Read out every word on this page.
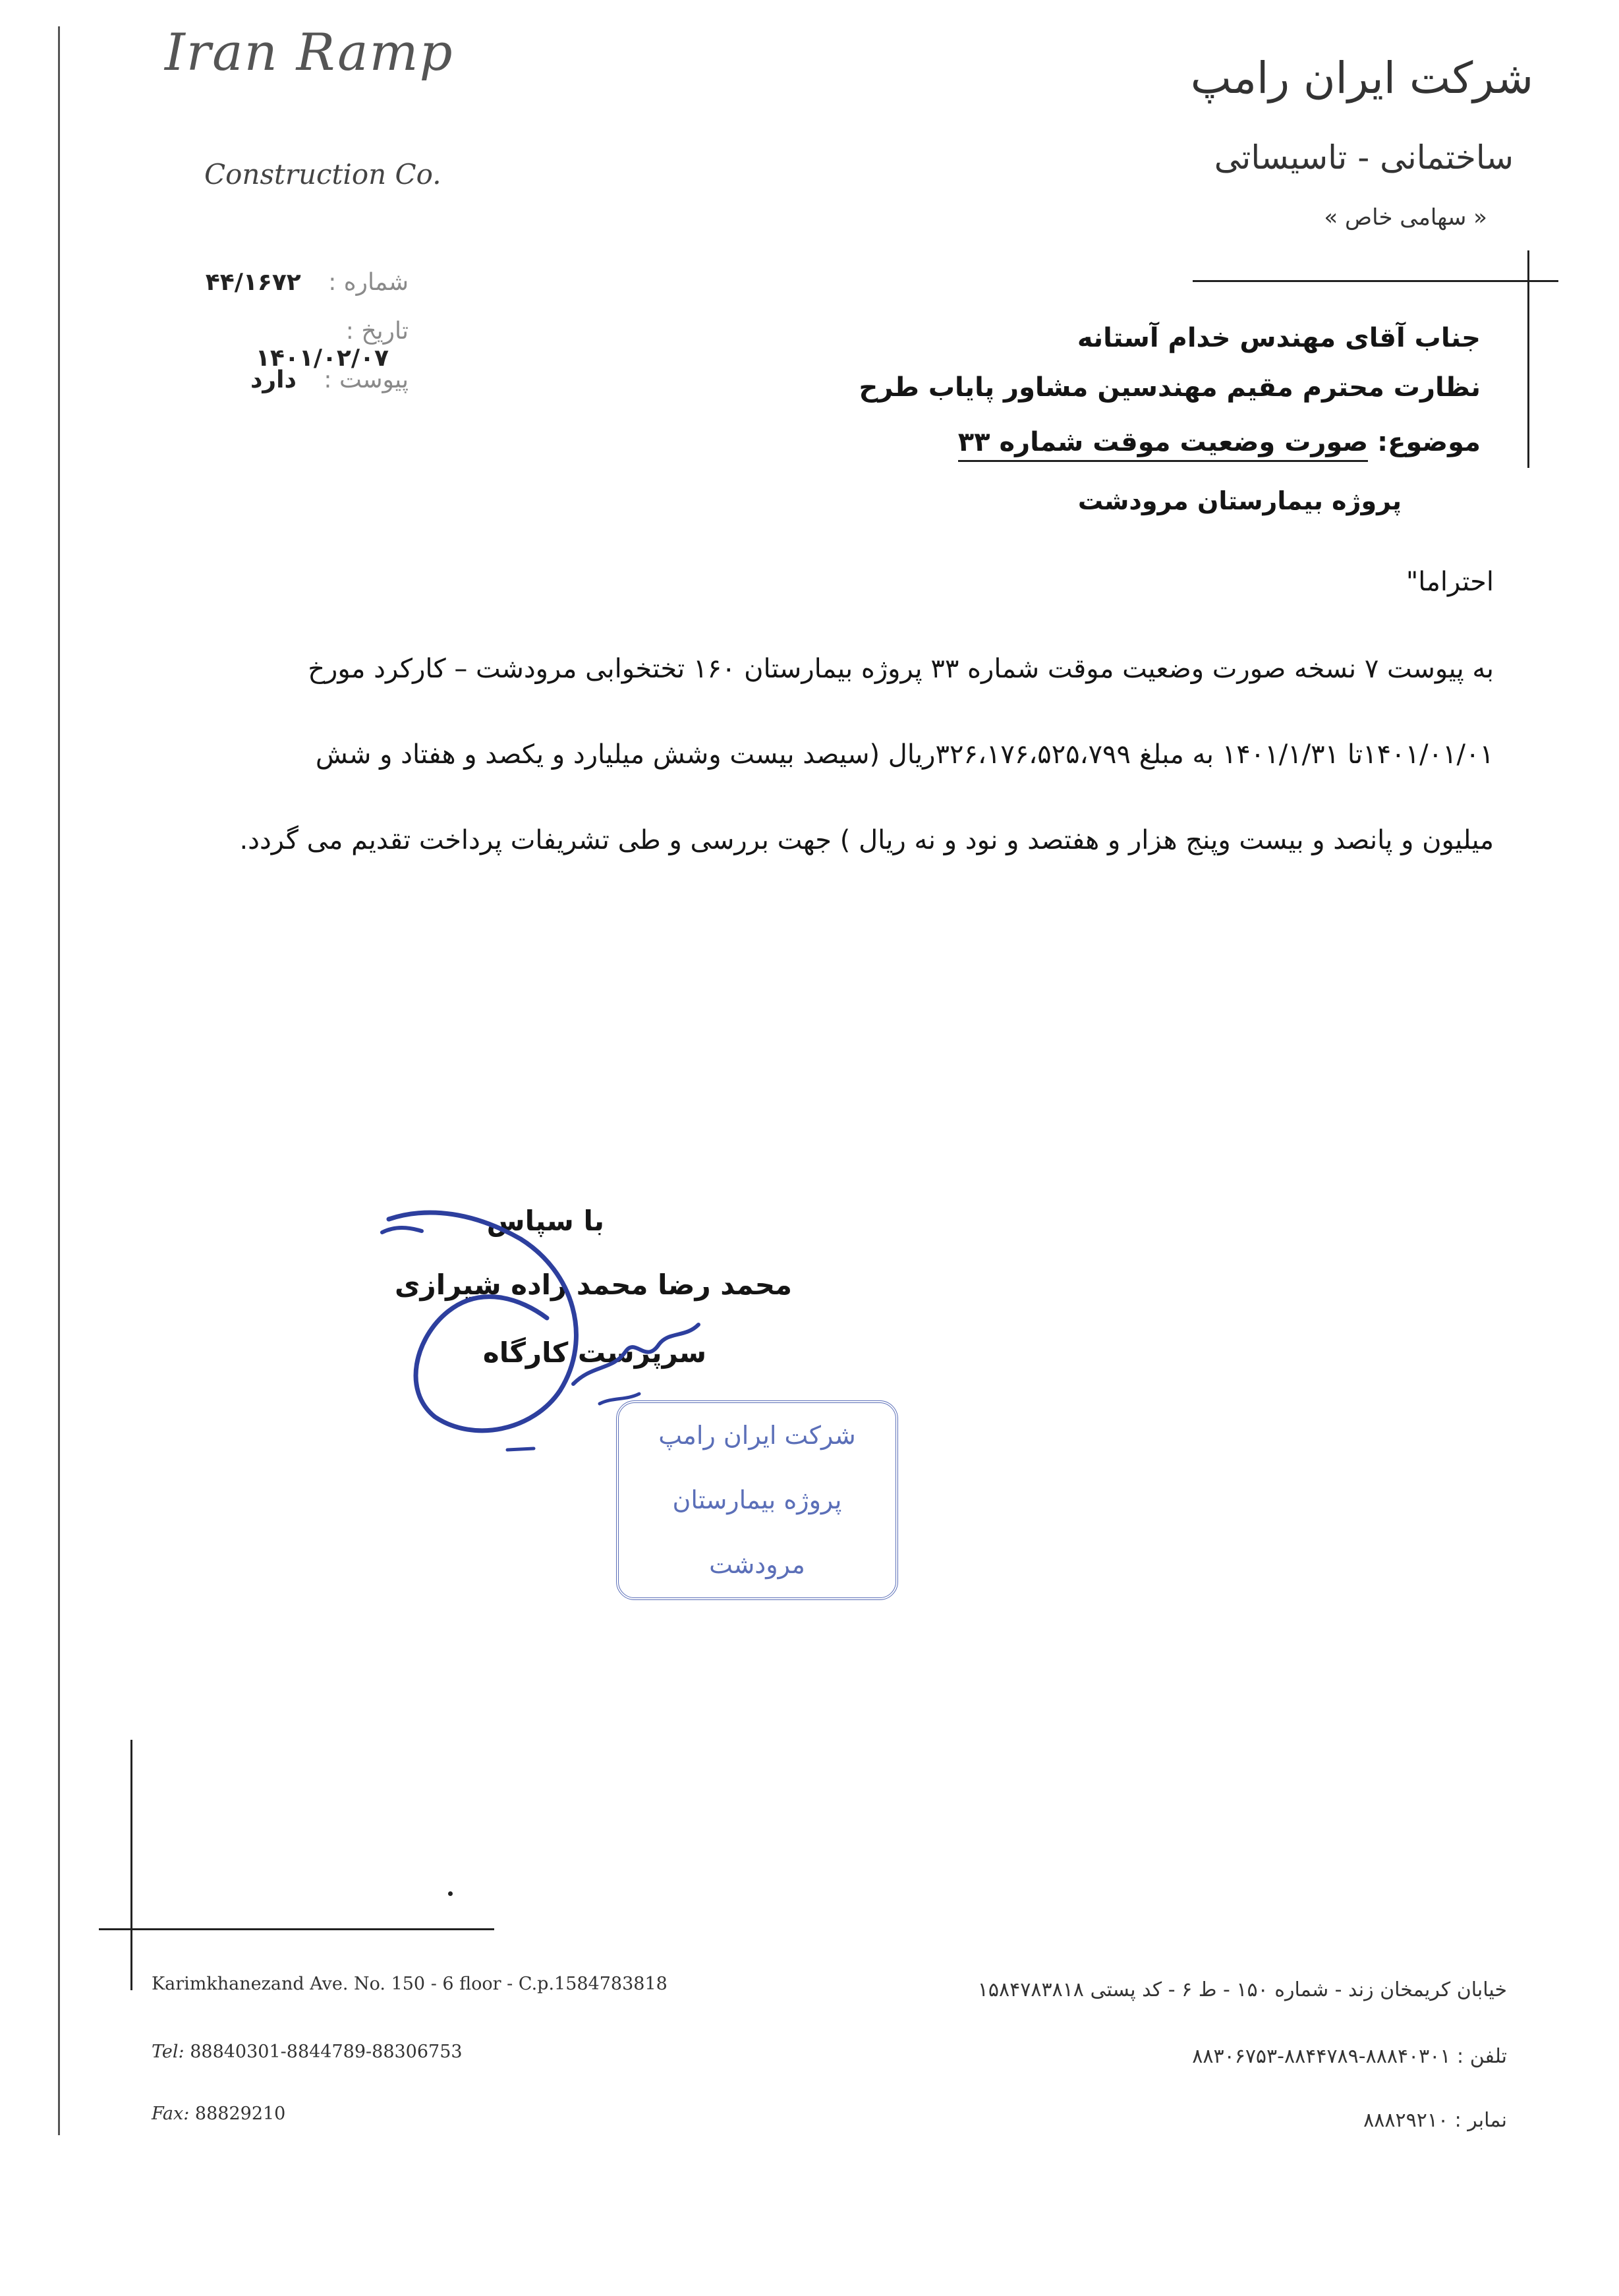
Iran Ramp
Construction Co.
شماره : ۴۴/۱۶۷۲
تاریخ : ۱۴۰۱/۰۲/۰۷
پیوست : دارد
شرکت ایران رامپ
ساختمانی - تاسیساتی
« سهامی خاص »
جناب آقای مهندس خدام آستانه
نظارت محترم مقیم مهندسین مشاور پایاب طرح
موضوع: صورت وضعیت موقت شماره ۳۳
پروژه بیمارستان مرودشت
احتراما"
به پیوست ۷ نسخه صورت وضعیت موقت شماره ۳۳ پروژه بیمارستان ۱۶۰ تختخوابی مرودشت – کارکرد مورخ
۱۴۰۱/۰۱/۰۱تا ۱۴۰۱/۱/۳۱ به مبلغ ۳۲۶،۱۷۶،۵۲۵،۷۹۹ریال (سیصد بیست وشش میلیارد و یکصد و هفتاد و شش
میلیون و پانصد و بیست وپنج هزار و هفتصد و نود و نه ریال ) جهت بررسی و طی تشریفات پرداخت تقدیم می گردد.
با سپاس
محمد رضا محمد زاده شیرازی
سرپرست کارگاه
شرکت ایران رامپ
پروژه بیمارستان
مرودشت
Karimkhanezand Ave. No. 150 - 6 floor - C.p.1584783818
Tel: 88840301-8844789-88306753
Fax: 88829210
خیابان کریمخان زند - شماره ۱۵۰ - ط ۶ - کد پستی ۱۵۸۴۷۸۳۸۱۸
تلفن : ۸۸۸۴۰۳۰۱-۸۸۴۴۷۸۹-۸۸۳۰۶۷۵۳
نمابر : ۸۸۸۲۹۲۱۰
